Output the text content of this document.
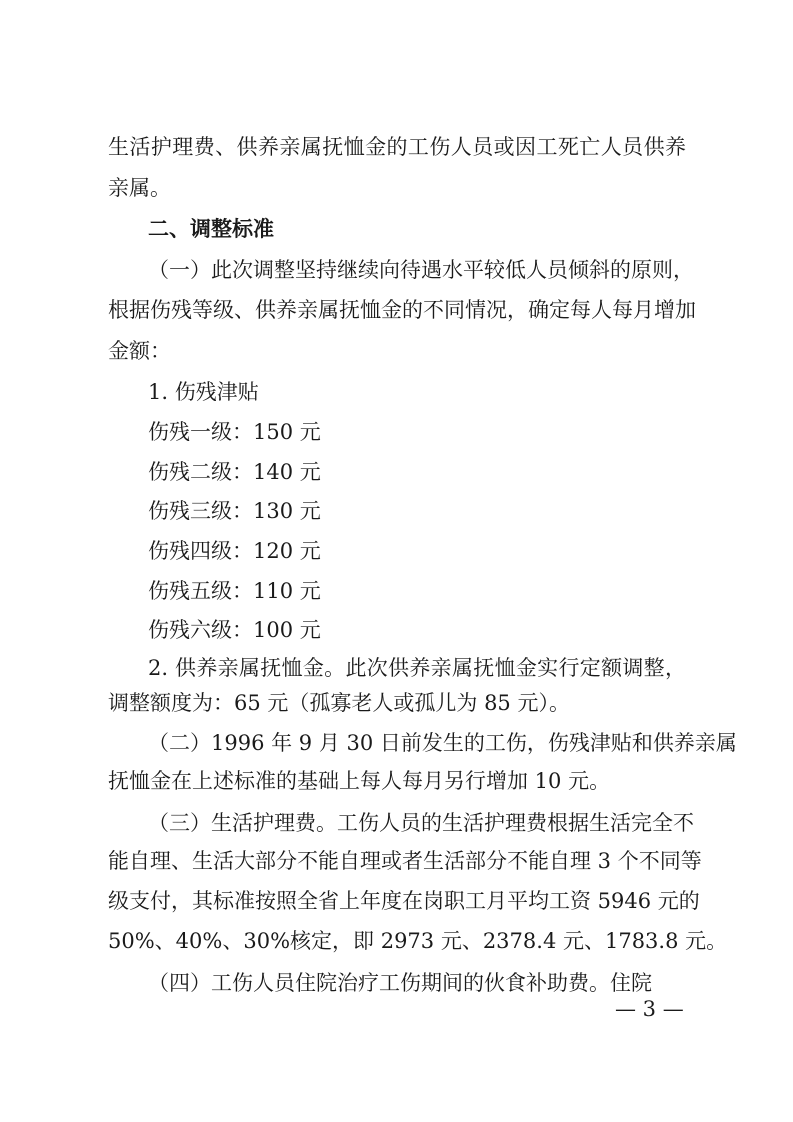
生活护理费、供养亲属抚恤金的工伤人员或因工死亡人员供养
亲属。
二、调整标准
（一）此次调整坚持继续向待遇水平较低人员倾斜的原则，
根据伤残等级、供养亲属抚恤金的不同情况，确定每人每月增加
金额：
1. 伤残津贴
伤残一级：150 元
伤残二级：140 元
伤残三级：130 元
伤残四级：120 元
伤残五级：110 元
伤残六级：100 元
2. 供养亲属抚恤金。此次供养亲属抚恤金实行定额调整，
调整额度为：65 元（孤寡老人或孤儿为 85 元）。
（二）1996 年 9 月 30 日前发生的工伤，伤残津贴和供养亲属
抚恤金在上述标准的基础上每人每月另行增加 10 元。
（三）生活护理费。工伤人员的生活护理费根据生活完全不
能自理、生活大部分不能自理或者生活部分不能自理 3 个不同等
级支付，其标准按照全省上年度在岗职工月平均工资 5946 元的
50%、40%、30%核定，即 2973 元、2378.4 元、1783.8 元。
（四）工伤人员住院治疗工伤期间的伙食补助费。住院
— 3 —
